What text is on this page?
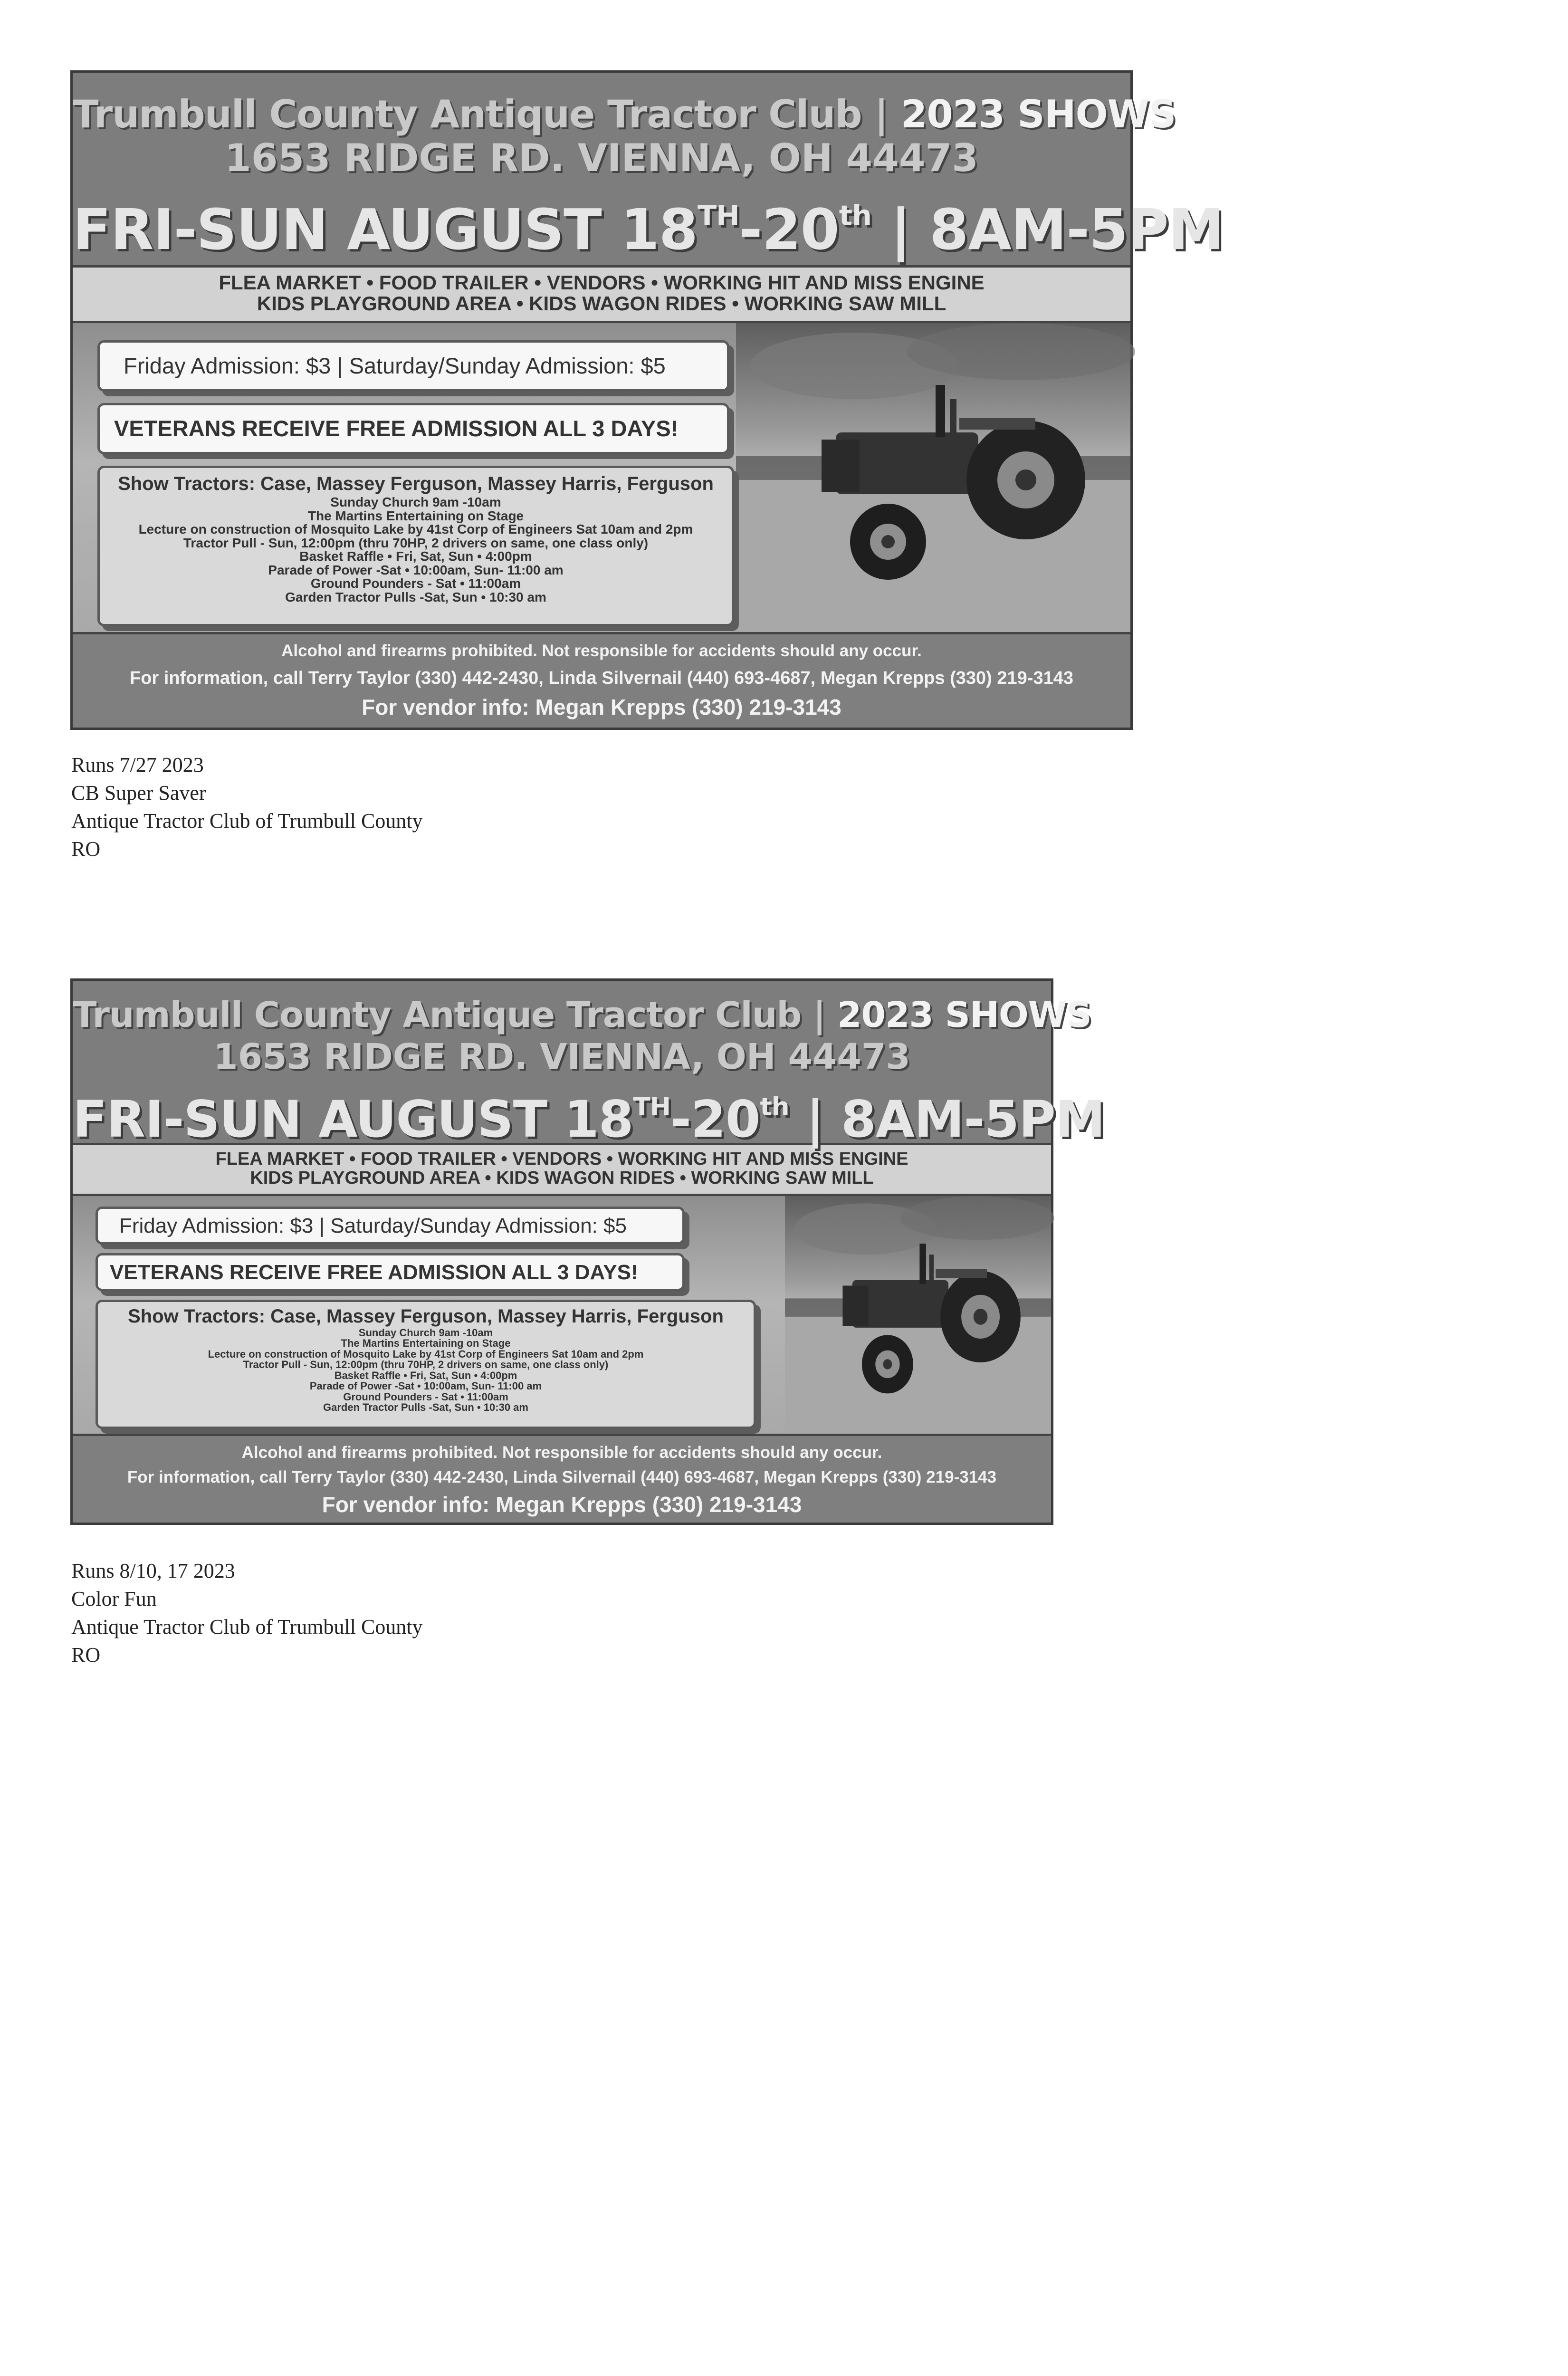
Trumbull County Antique Tractor Club | 2023 SHOWS
1653 RIDGE RD. VIENNA, OH 44473
FRI-SUN AUGUST 18TH-20th | 8AM-5PM
FLEA MARKET • FOOD TRAILER • VENDORS • WORKING HIT AND MISS ENGINE
KIDS PLAYGROUND AREA • KIDS WAGON RIDES • WORKING SAW MILL
Friday Admission: $3 | Saturday/Sunday Admission: $5
VETERANS RECEIVE FREE ADMISSION ALL 3 DAYS!
Show Tractors: Case, Massey Ferguson, Massey Harris, Ferguson
Sunday Church 9am -10am
The Martins Entertaining on Stage
Lecture on construction of Mosquito Lake by 41st Corp of Engineers Sat 10am and 2pm
Tractor Pull - Sun, 12:00pm (thru 70HP, 2 drivers on same, one class only)
Basket Raffle • Fri, Sat, Sun • 4:00pm
Parade of Power -Sat • 10:00am, Sun- 11:00 am
Ground Pounders - Sat • 11:00am
Garden Tractor Pulls -Sat, Sun • 10:30 am
Alcohol and firearms prohibited. Not responsible for accidents should any occur.
For information, call Terry Taylor (330) 442-2430, Linda Silvernail (440) 693-4687, Megan Krepps (330) 219-3143
For vendor info: Megan Krepps (330) 219-3143
Runs 7/27 2023
CB Super Saver
Antique Tractor Club of Trumbull County
RO
Trumbull County Antique Tractor Club | 2023 SHOWS
1653 RIDGE RD. VIENNA, OH 44473
FRI-SUN AUGUST 18TH-20th | 8AM-5PM
FLEA MARKET • FOOD TRAILER • VENDORS • WORKING HIT AND MISS ENGINE
KIDS PLAYGROUND AREA • KIDS WAGON RIDES • WORKING SAW MILL
Friday Admission: $3 | Saturday/Sunday Admission: $5
VETERANS RECEIVE FREE ADMISSION ALL 3 DAYS!
Show Tractors: Case, Massey Ferguson, Massey Harris, Ferguson
Sunday Church 9am -10am
The Martins Entertaining on Stage
Lecture on construction of Mosquito Lake by 41st Corp of Engineers Sat 10am and 2pm
Tractor Pull - Sun, 12:00pm (thru 70HP, 2 drivers on same, one class only)
Basket Raffle • Fri, Sat, Sun • 4:00pm
Parade of Power -Sat • 10:00am, Sun- 11:00 am
Ground Pounders - Sat • 11:00am
Garden Tractor Pulls -Sat, Sun • 10:30 am
Alcohol and firearms prohibited. Not responsible for accidents should any occur.
For information, call Terry Taylor (330) 442-2430, Linda Silvernail (440) 693-4687, Megan Krepps (330) 219-3143
For vendor info: Megan Krepps (330) 219-3143
Runs 8/10, 17 2023
Color Fun
Antique Tractor Club of Trumbull County
RO
